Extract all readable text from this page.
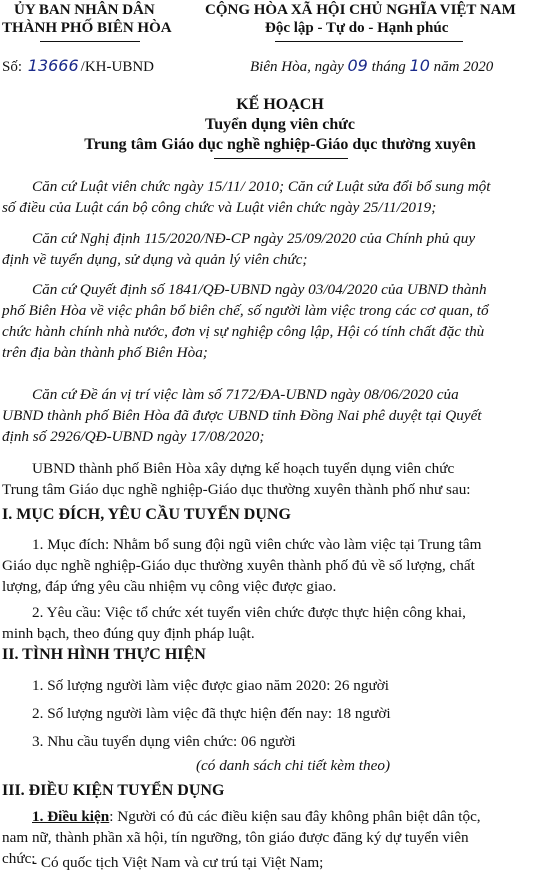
ỦY BAN NHÂN DÂN
THÀNH PHỐ BIÊN HÒA
CỘNG HÒA XÃ HỘI CHỦ NGHĨA VIỆT NAM
Độc lập - Tự do - Hạnh phúc
Số: 13666 /KH-UBND	Biên Hòa, ngày 09 tháng 10 năm 2020
KẾ HOẠCH
Tuyển dụng viên chức
Trung tâm Giáo dục nghề nghiệp-Giáo dục thường xuyên
Căn cứ Luật viên chức ngày 15/11/ 2010; Căn cứ Luật sửa đổi bổ sung một
số điều của Luật cán bộ công chức và Luật viên chức ngày 25/11/2019;
Căn cứ Nghị định 115/2020/NĐ-CP ngày 25/09/2020 của Chính phủ quy
định về tuyển dụng, sử dụng và quản lý viên chức;
Căn cứ Quyết định số 1841/QĐ-UBND ngày 03/04/2020 của UBND thành
phố Biên Hòa về việc phân bổ biên chế, số người làm việc trong các cơ quan, tổ
chức hành chính nhà nước, đơn vị sự nghiệp công lập, Hội có tính chất đặc thù
trên địa bàn thành phố Biên Hòa;
Căn cứ Đề án vị trí việc làm số 7172/ĐA-UBND ngày 08/06/2020 của
UBND thành phố Biên Hòa đã được UBND tỉnh Đồng Nai phê duyệt tại Quyết
định số 2926/QĐ-UBND ngày 17/08/2020;
UBND thành phố Biên Hòa xây dựng kế hoạch tuyển dụng viên chức
Trung tâm Giáo dục nghề nghiệp-Giáo dục thường xuyên thành phố như sau:
I. MỤC ĐÍCH, YÊU CẦU TUYỂN DỤNG
1. Mục đích: Nhằm bổ sung đội ngũ viên chức vào làm việc tại Trung tâm
Giáo dục nghề nghiệp-Giáo dục thường xuyên thành phố đủ về số lượng, chất
lượng, đáp ứng yêu cầu nhiệm vụ công việc được giao.
2. Yêu cầu: Việc tổ chức xét tuyển viên chức được thực hiện công khai,
minh bạch, theo đúng quy định pháp luật.
II. TÌNH HÌNH THỰC HIỆN
1. Số lượng người làm việc được giao năm 2020: 26 người
2. Số lượng người làm việc đã thực hiện đến nay: 18 người
3. Nhu cầu tuyển dụng viên chức: 06 người
(có danh sách chi tiết kèm theo)
III. ĐIỀU KIỆN TUYỂN DỤNG
1. Điều kiện: Người có đủ các điều kiện sau đây không phân biệt dân tộc,
nam nữ, thành phần xã hội, tín ngưỡng, tôn giáo được đăng ký dự tuyển viên
chức:
- Có quốc tịch Việt Nam và cư trú tại Việt Nam;
